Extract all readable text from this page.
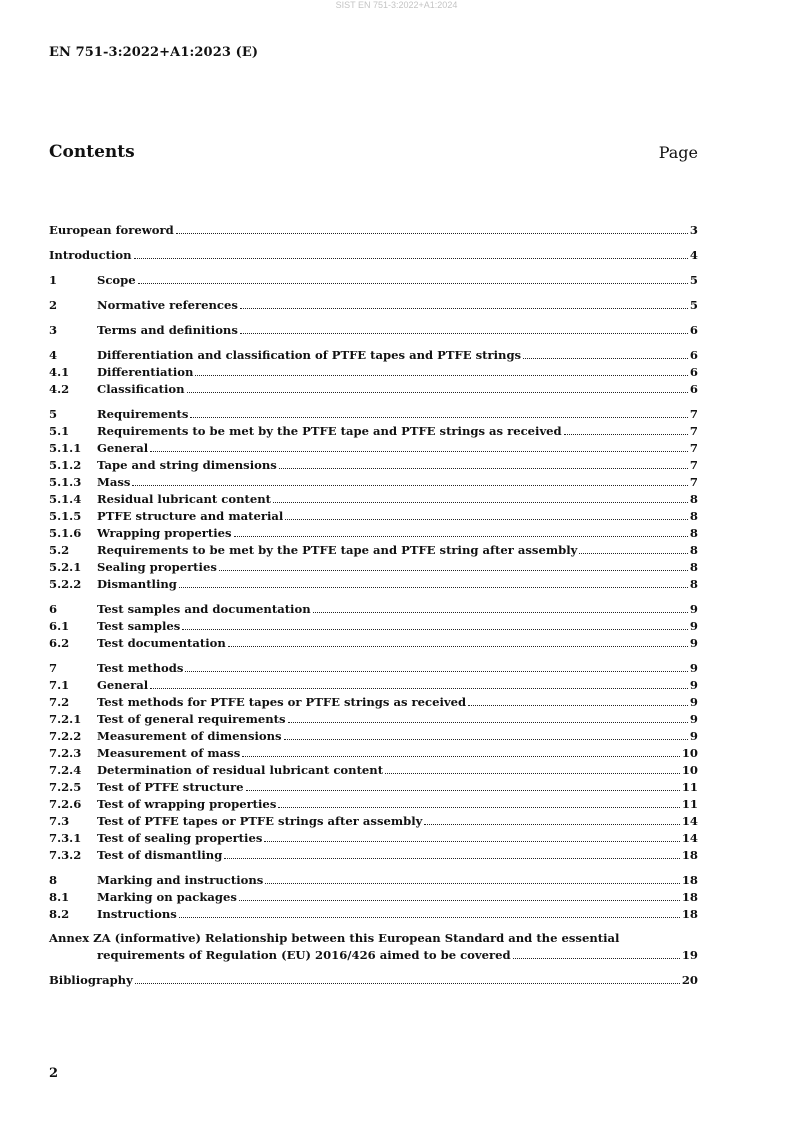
SIST EN 751-3:2022+A1:2024
EN 751-3:2022+A1:2023 (E)
Contents	Page
European foreword	3
Introduction	4
1	Scope	5
2	Normative references	5
3	Terms and definitions	6
4	Differentiation and classification of PTFE tapes and PTFE strings	6
4.1	Differentiation	6
4.2	Classification	6
5	Requirements	7
5.1	Requirements to be met by the PTFE tape and PTFE strings as received	7
5.1.1	General	7
5.1.2	Tape and string dimensions	7
5.1.3	Mass	7
5.1.4	Residual lubricant content	8
5.1.5	PTFE structure and material	8
5.1.6	Wrapping properties	8
5.2	Requirements to be met by the PTFE tape and PTFE string after assembly	8
5.2.1	Sealing properties	8
5.2.2	Dismantling	8
6	Test samples and documentation	9
6.1	Test samples	9
6.2	Test documentation	9
7	Test methods	9
7.1	General	9
7.2	Test methods for PTFE tapes or PTFE strings as received	9
7.2.1	Test of general requirements	9
7.2.2	Measurement of dimensions	9
7.2.3	Measurement of mass	10
7.2.4	Determination of residual lubricant content	10
7.2.5	Test of PTFE structure	11
7.2.6	Test of wrapping properties	11
7.3	Test of PTFE tapes or PTFE strings after assembly	14
7.3.1	Test of sealing properties	14
7.3.2	Test of dismantling	18
8	Marking and instructions	18
8.1	Marking on packages	18
8.2	Instructions	18
Annex ZA (informative) Relationship between this European Standard and the essential
requirements of Regulation (EU) 2016/426 aimed to be covered	19
Bibliography	20
2
